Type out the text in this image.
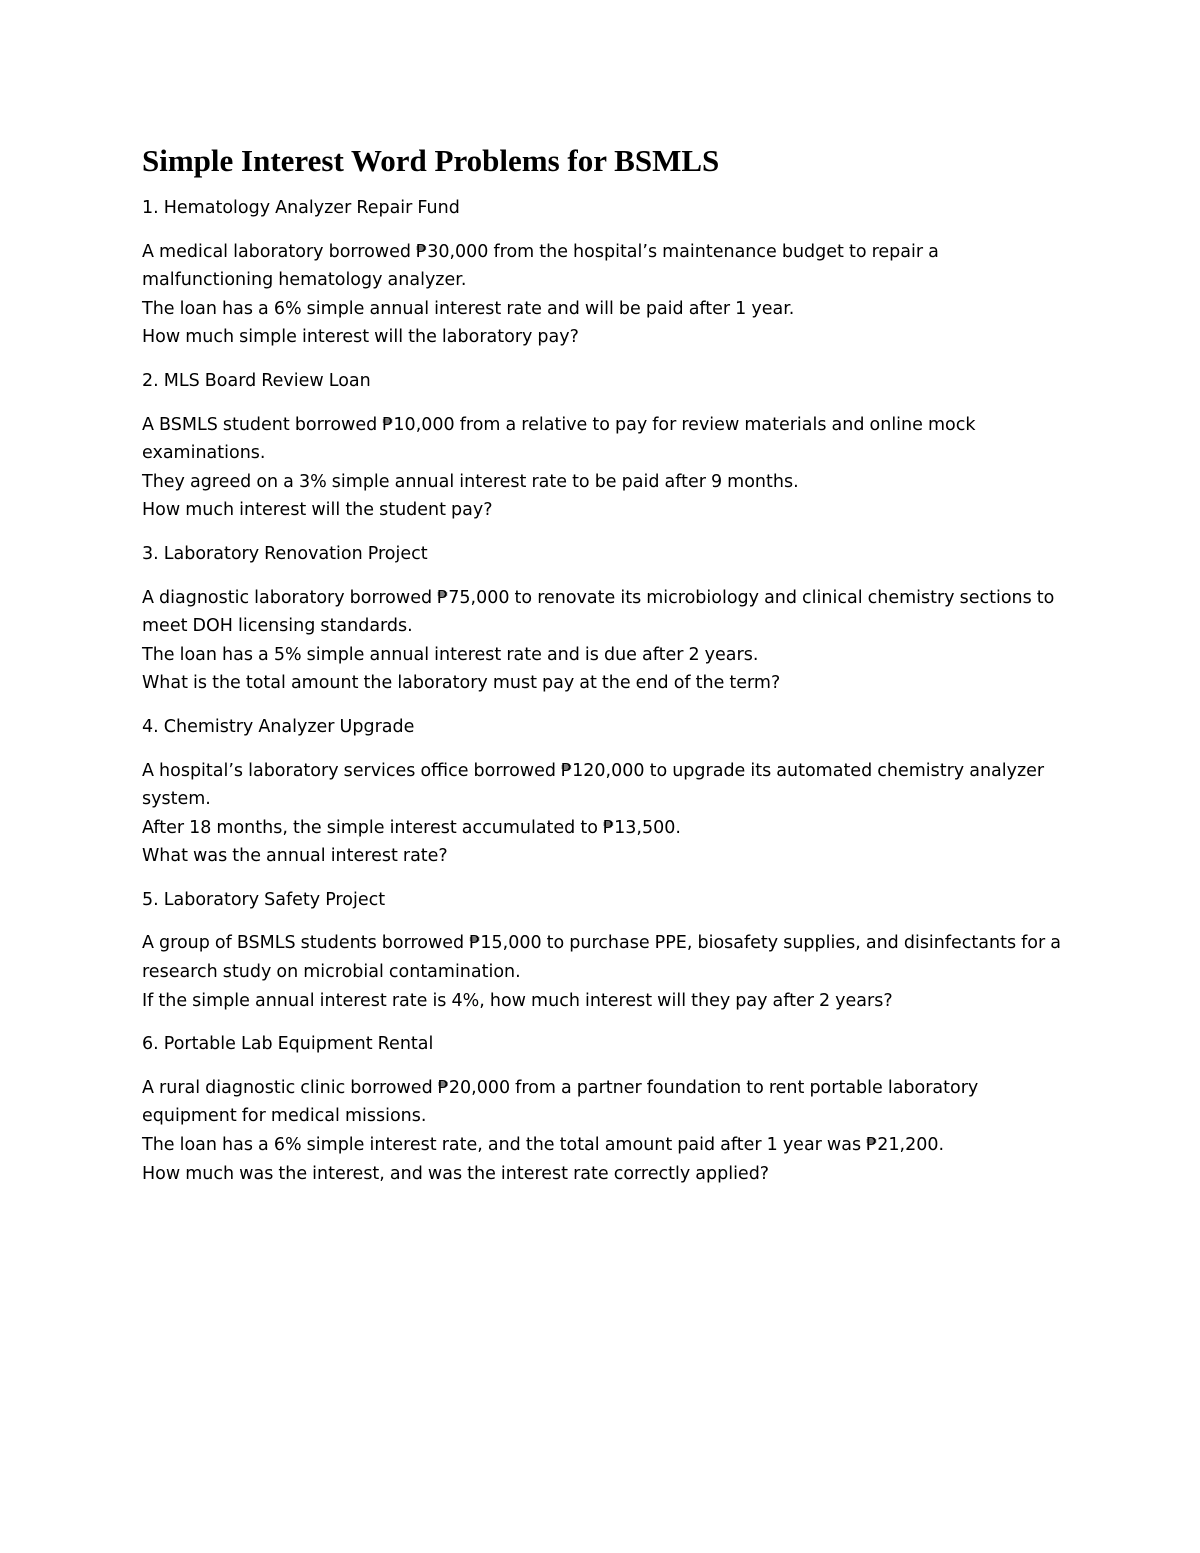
Simple Interest Word Problems for BSMLS

1. Hematology Analyzer Repair Fund

A medical laboratory borrowed ₱30,000 from the hospital’s maintenance budget to repair a malfunctioning hematology analyzer.
The loan has a 6% simple annual interest rate and will be paid after 1 year.
How much simple interest will the laboratory pay?

2. MLS Board Review Loan

A BSMLS student borrowed ₱10,000 from a relative to pay for review materials and online mock examinations.
They agreed on a 3% simple annual interest rate to be paid after 9 months.
How much interest will the student pay?

3. Laboratory Renovation Project

A diagnostic laboratory borrowed ₱75,000 to renovate its microbiology and clinical chemistry sections to meet DOH licensing standards.
The loan has a 5% simple annual interest rate and is due after 2 years.
What is the total amount the laboratory must pay at the end of the term?

4. Chemistry Analyzer Upgrade

A hospital’s laboratory services office borrowed ₱120,000 to upgrade its automated chemistry analyzer system.
After 18 months, the simple interest accumulated to ₱13,500.
What was the annual interest rate?

5. Laboratory Safety Project

A group of BSMLS students borrowed ₱15,000 to purchase PPE, biosafety supplies, and disinfectants for a research study on microbial contamination.
If the simple annual interest rate is 4%, how much interest will they pay after 2 years?

6. Portable Lab Equipment Rental

A rural diagnostic clinic borrowed ₱20,000 from a partner foundation to rent portable laboratory equipment for medical missions.
The loan has a 6% simple interest rate, and the total amount paid after 1 year was ₱21,200.
How much was the interest, and was the interest rate correctly applied?
